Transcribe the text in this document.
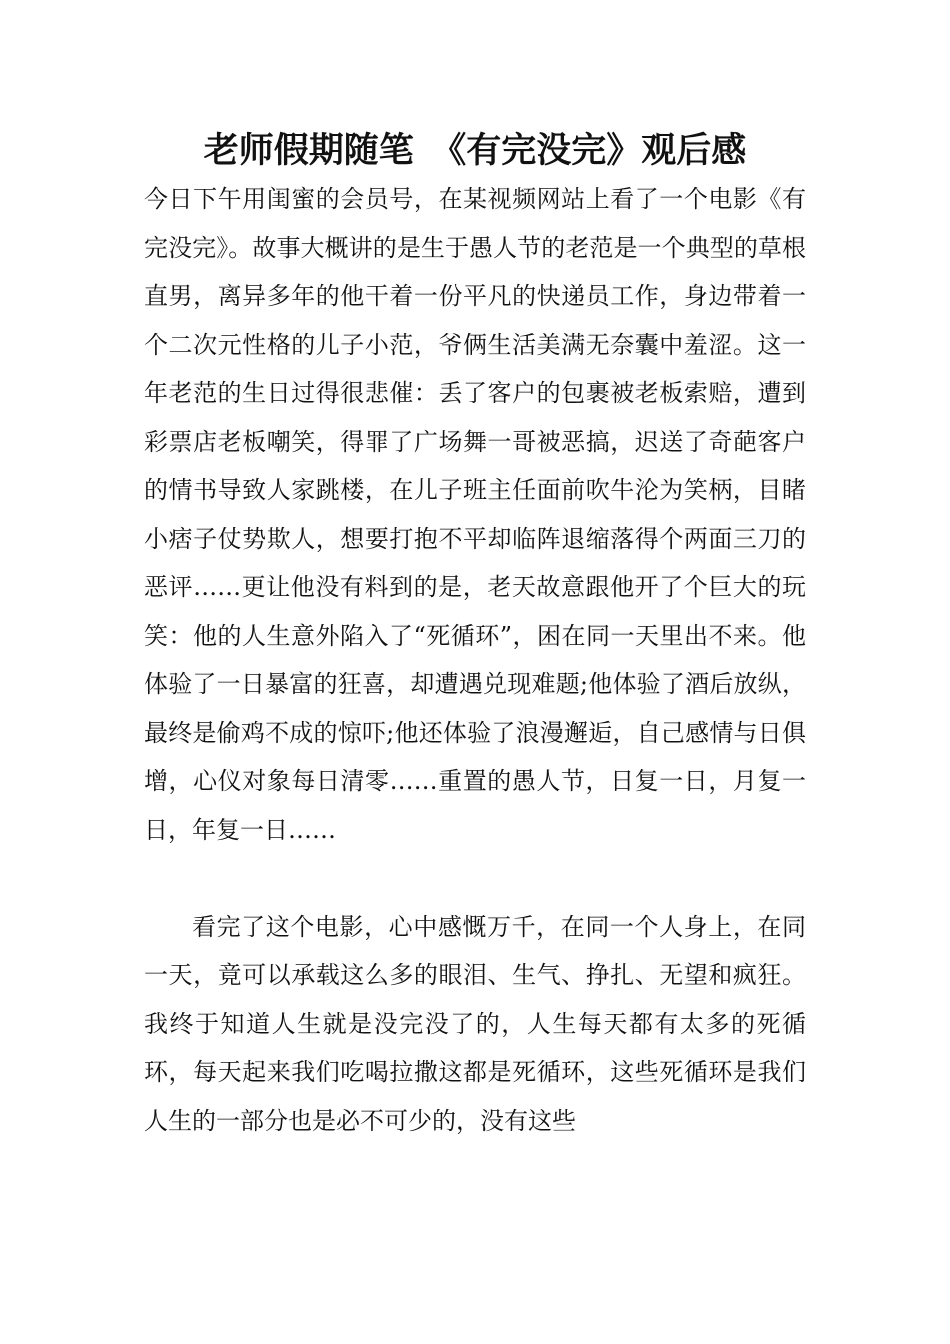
老师假期随笔　《有完没完》观后感

今日下午用闺蜜的会员号，在某视频网站上看了一个电影《有完没完》。故事大概讲的是生于愚人节的老范是一个典型的草根直男，离异多年的他干着一份平凡的快递员工作，身边带着一个二次元性格的儿子小范，爷俩生活美满无奈囊中羞涩。这一年老范的生日过得很悲催：丢了客户的包裹被老板索赔，遭到彩票店老板嘲笑，得罪了广场舞一哥被恶搞，迟送了奇葩客户的情书导致人家跳楼，在儿子班主任面前吹牛沦为笑柄，目睹小痞子仗势欺人，想要打抱不平却临阵退缩落得个两面三刀的恶评……更让他没有料到的是，老天故意跟他开了个巨大的玩笑：他的人生意外陷入了“死循环”，困在同一天里出不来。他体验了一日暴富的狂喜，却遭遇兑现难题;他体验了酒后放纵，最终是偷鸡不成的惊吓;他还体验了浪漫邂逅，自己感情与日俱增，心仪对象每日清零……重置的愚人节，日复一日，月复一日，年复一日……

看完了这个电影，心中感慨万千，在同一个人身上，在同一天，竟可以承载这么多的眼泪、生气、挣扎、无望和疯狂。我终于知道人生就是没完没了的，人生每天都有太多的死循环，每天起来我们吃喝拉撒这都是死循环，这些死循环是我们人生的一部分也是必不可少的，没有这些
